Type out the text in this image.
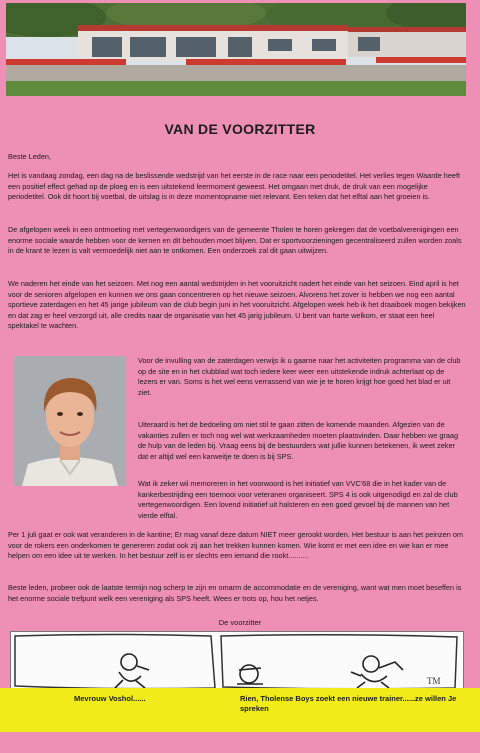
VAN DE VOORZITTER

Beste Leden,

Het is vandaag zondag, een dag na de beslissende wedstrijd van het eerste in de race naar een periodetitel. Het verlies tegen Waarde heeft een positief effect gehad op de ploeg en is een uitstekend leermoment geweest. Het omgaan met druk, de druk van een mogelijke periodetitel. Ook dit hoort bij voetbal, de uitslag is in deze momentopname niet relevant. Een teken dat het elftal aan het groeien is.

De afgelopen week in een ontmoeting met vertegenwoordigers van de gemeente Tholen te horen gekregen dat de voetbalverenigingen een enorme sociale waarde hebben voor de kernen en dit behouden moet blijven. Dat er sportvoorzieningen gecentraliseerd zullen worden zoals in de krant te lezen is valt vermoedelijk niet aan te ontkomen. Een onderzoek zal dit gaan uitwijzen.

We naderen het einde van het seizoen. Met nog een aantal wedstrijden in het vooruitzicht nadert het einde van het seizoen. Eind april is het voor de senioren afgelopen en kunnen we ons gaan concentreren op het nieuwe seizoen. Alvorens het zover is hebben we nog een aantal sportieve zaterdagen en het 45 jarige jubileum van de club begin juni in het vooruitzicht. Afgelopen week heb ik het draaiboek mogen bekijken en dat zag er heel verzorgd uit, alle credits naar de organisatie van het 45 jarig jubileum. U bent van harte welkom, er staat een heel spektakel te wachten.

Voor de invulling van de zaterdagen verwijs ik u gaarne naar het activiteiten programma van de club op de site en in het clubblad wat toch iedere keer weer een uitstekende indruk achterlaat op de lezers er van. Soms is het wel eens verrassend van wie je te horen krijgt hoe goed het blad er uit ziet.

Uiteraard is het de bedoeling om niet stil te gaan zitten de komende maanden. Afgezien van de vakanties zullen er toch nog wel wat werkzaamheden moeten plaatsvinden. Daar hebben we graag de hulp van de leden bij. Vraag eens bij de bestuurders wat jullie kunnen betekenen, ik weet zeker dat er altijd wel een karweitje te doen is bij SPS.

Wat ik zeker wil memoreren in het voorwoord is het initiatief van VVC'68 die in het kader van de kankerbestrijding een toernooi voor veteranen organiseert. SPS 4 is ook uitgenodigd en zal de club vertegenwoordigen. Een lovend initiatief uit halsteren en een goed gevoel bij de mannen van het vierde elftal.

Per 1 juli gaat er ook wat veranderen in de kantine; Er mag vanaf deze datum NIET meer gerookt worden. Het bestuur is aan het peinzen om voor de rokers een onderkomen te genereren zodat ook zij aan het trekken kunnen komen. Wie komt er met een idee en wie kan er mee helpen om een idee uit te werken. In het bestuur zelf is er slechts een iemand die rookt..........

Beste leden, probeer ook de laatste termijn nog scherp te zijn en omarm de accommodatie en de vereniging, want wat men moet beseffen is het enorme sociale trefpunt welk een vereniging als SPS heeft. Wees er trots op, hou het netjes.

De voorzitter
TM
Mevrouw Voshol......	Rien, Tholense Boys zoekt een nieuwe trainer......ze willen Je spreken
